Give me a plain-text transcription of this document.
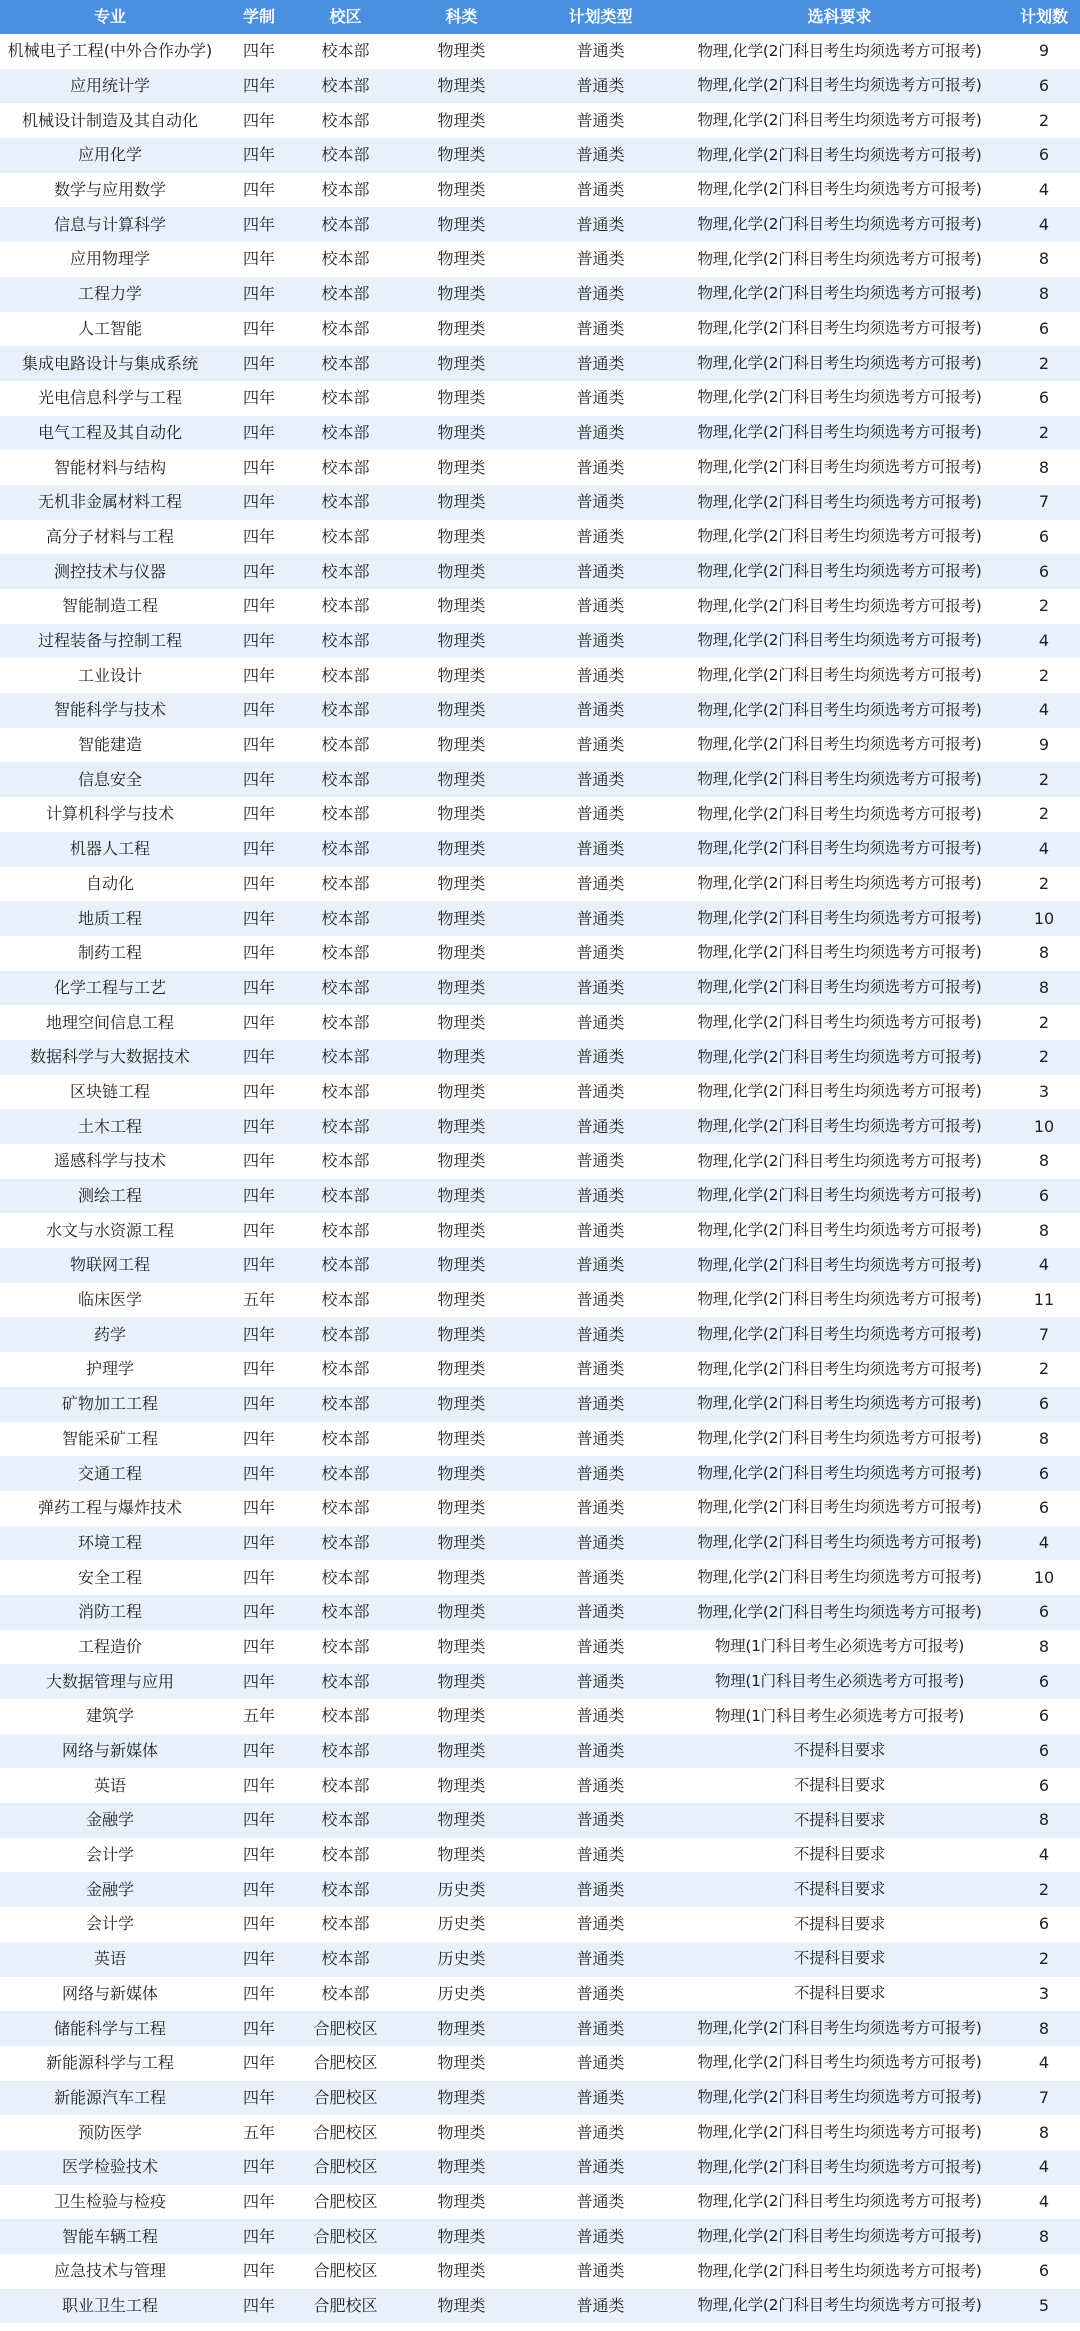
专业	学制	校区	科类	计划类型	选科要求	计划数
机械电子工程(中外合作办学)	四年	校本部	物理类	普通类	物理,化学(2门科目考生均须选考方可报考)	9
应用统计学	四年	校本部	物理类	普通类	物理,化学(2门科目考生均须选考方可报考)	6
机械设计制造及其自动化	四年	校本部	物理类	普通类	物理,化学(2门科目考生均须选考方可报考)	2
应用化学	四年	校本部	物理类	普通类	物理,化学(2门科目考生均须选考方可报考)	6
数学与应用数学	四年	校本部	物理类	普通类	物理,化学(2门科目考生均须选考方可报考)	4
信息与计算科学	四年	校本部	物理类	普通类	物理,化学(2门科目考生均须选考方可报考)	4
应用物理学	四年	校本部	物理类	普通类	物理,化学(2门科目考生均须选考方可报考)	8
工程力学	四年	校本部	物理类	普通类	物理,化学(2门科目考生均须选考方可报考)	8
人工智能	四年	校本部	物理类	普通类	物理,化学(2门科目考生均须选考方可报考)	6
集成电路设计与集成系统	四年	校本部	物理类	普通类	物理,化学(2门科目考生均须选考方可报考)	2
光电信息科学与工程	四年	校本部	物理类	普通类	物理,化学(2门科目考生均须选考方可报考)	6
电气工程及其自动化	四年	校本部	物理类	普通类	物理,化学(2门科目考生均须选考方可报考)	2
智能材料与结构	四年	校本部	物理类	普通类	物理,化学(2门科目考生均须选考方可报考)	8
无机非金属材料工程	四年	校本部	物理类	普通类	物理,化学(2门科目考生均须选考方可报考)	7
高分子材料与工程	四年	校本部	物理类	普通类	物理,化学(2门科目考生均须选考方可报考)	6
测控技术与仪器	四年	校本部	物理类	普通类	物理,化学(2门科目考生均须选考方可报考)	6
智能制造工程	四年	校本部	物理类	普通类	物理,化学(2门科目考生均须选考方可报考)	2
过程装备与控制工程	四年	校本部	物理类	普通类	物理,化学(2门科目考生均须选考方可报考)	4
工业设计	四年	校本部	物理类	普通类	物理,化学(2门科目考生均须选考方可报考)	2
智能科学与技术	四年	校本部	物理类	普通类	物理,化学(2门科目考生均须选考方可报考)	4
智能建造	四年	校本部	物理类	普通类	物理,化学(2门科目考生均须选考方可报考)	9
信息安全	四年	校本部	物理类	普通类	物理,化学(2门科目考生均须选考方可报考)	2
计算机科学与技术	四年	校本部	物理类	普通类	物理,化学(2门科目考生均须选考方可报考)	2
机器人工程	四年	校本部	物理类	普通类	物理,化学(2门科目考生均须选考方可报考)	4
自动化	四年	校本部	物理类	普通类	物理,化学(2门科目考生均须选考方可报考)	2
地质工程	四年	校本部	物理类	普通类	物理,化学(2门科目考生均须选考方可报考)	10
制药工程	四年	校本部	物理类	普通类	物理,化学(2门科目考生均须选考方可报考)	8
化学工程与工艺	四年	校本部	物理类	普通类	物理,化学(2门科目考生均须选考方可报考)	8
地理空间信息工程	四年	校本部	物理类	普通类	物理,化学(2门科目考生均须选考方可报考)	2
数据科学与大数据技术	四年	校本部	物理类	普通类	物理,化学(2门科目考生均须选考方可报考)	2
区块链工程	四年	校本部	物理类	普通类	物理,化学(2门科目考生均须选考方可报考)	3
土木工程	四年	校本部	物理类	普通类	物理,化学(2门科目考生均须选考方可报考)	10
遥感科学与技术	四年	校本部	物理类	普通类	物理,化学(2门科目考生均须选考方可报考)	8
测绘工程	四年	校本部	物理类	普通类	物理,化学(2门科目考生均须选考方可报考)	6
水文与水资源工程	四年	校本部	物理类	普通类	物理,化学(2门科目考生均须选考方可报考)	8
物联网工程	四年	校本部	物理类	普通类	物理,化学(2门科目考生均须选考方可报考)	4
临床医学	五年	校本部	物理类	普通类	物理,化学(2门科目考生均须选考方可报考)	11
药学	四年	校本部	物理类	普通类	物理,化学(2门科目考生均须选考方可报考)	7
护理学	四年	校本部	物理类	普通类	物理,化学(2门科目考生均须选考方可报考)	2
矿物加工工程	四年	校本部	物理类	普通类	物理,化学(2门科目考生均须选考方可报考)	6
智能采矿工程	四年	校本部	物理类	普通类	物理,化学(2门科目考生均须选考方可报考)	8
交通工程	四年	校本部	物理类	普通类	物理,化学(2门科目考生均须选考方可报考)	6
弹药工程与爆炸技术	四年	校本部	物理类	普通类	物理,化学(2门科目考生均须选考方可报考)	6
环境工程	四年	校本部	物理类	普通类	物理,化学(2门科目考生均须选考方可报考)	4
安全工程	四年	校本部	物理类	普通类	物理,化学(2门科目考生均须选考方可报考)	10
消防工程	四年	校本部	物理类	普通类	物理,化学(2门科目考生均须选考方可报考)	6
工程造价	四年	校本部	物理类	普通类	物理(1门科目考生必须选考方可报考)	8
大数据管理与应用	四年	校本部	物理类	普通类	物理(1门科目考生必须选考方可报考)	6
建筑学	五年	校本部	物理类	普通类	物理(1门科目考生必须选考方可报考)	6
网络与新媒体	四年	校本部	物理类	普通类	不提科目要求	6
英语	四年	校本部	物理类	普通类	不提科目要求	6
金融学	四年	校本部	物理类	普通类	不提科目要求	8
会计学	四年	校本部	物理类	普通类	不提科目要求	4
金融学	四年	校本部	历史类	普通类	不提科目要求	2
会计学	四年	校本部	历史类	普通类	不提科目要求	6
英语	四年	校本部	历史类	普通类	不提科目要求	2
网络与新媒体	四年	校本部	历史类	普通类	不提科目要求	3
储能科学与工程	四年	合肥校区	物理类	普通类	物理,化学(2门科目考生均须选考方可报考)	8
新能源科学与工程	四年	合肥校区	物理类	普通类	物理,化学(2门科目考生均须选考方可报考)	4
新能源汽车工程	四年	合肥校区	物理类	普通类	物理,化学(2门科目考生均须选考方可报考)	7
预防医学	五年	合肥校区	物理类	普通类	物理,化学(2门科目考生均须选考方可报考)	8
医学检验技术	四年	合肥校区	物理类	普通类	物理,化学(2门科目考生均须选考方可报考)	4
卫生检验与检疫	四年	合肥校区	物理类	普通类	物理,化学(2门科目考生均须选考方可报考)	4
智能车辆工程	四年	合肥校区	物理类	普通类	物理,化学(2门科目考生均须选考方可报考)	8
应急技术与管理	四年	合肥校区	物理类	普通类	物理,化学(2门科目考生均须选考方可报考)	6
职业卫生工程	四年	合肥校区	物理类	普通类	物理,化学(2门科目考生均须选考方可报考)	5
